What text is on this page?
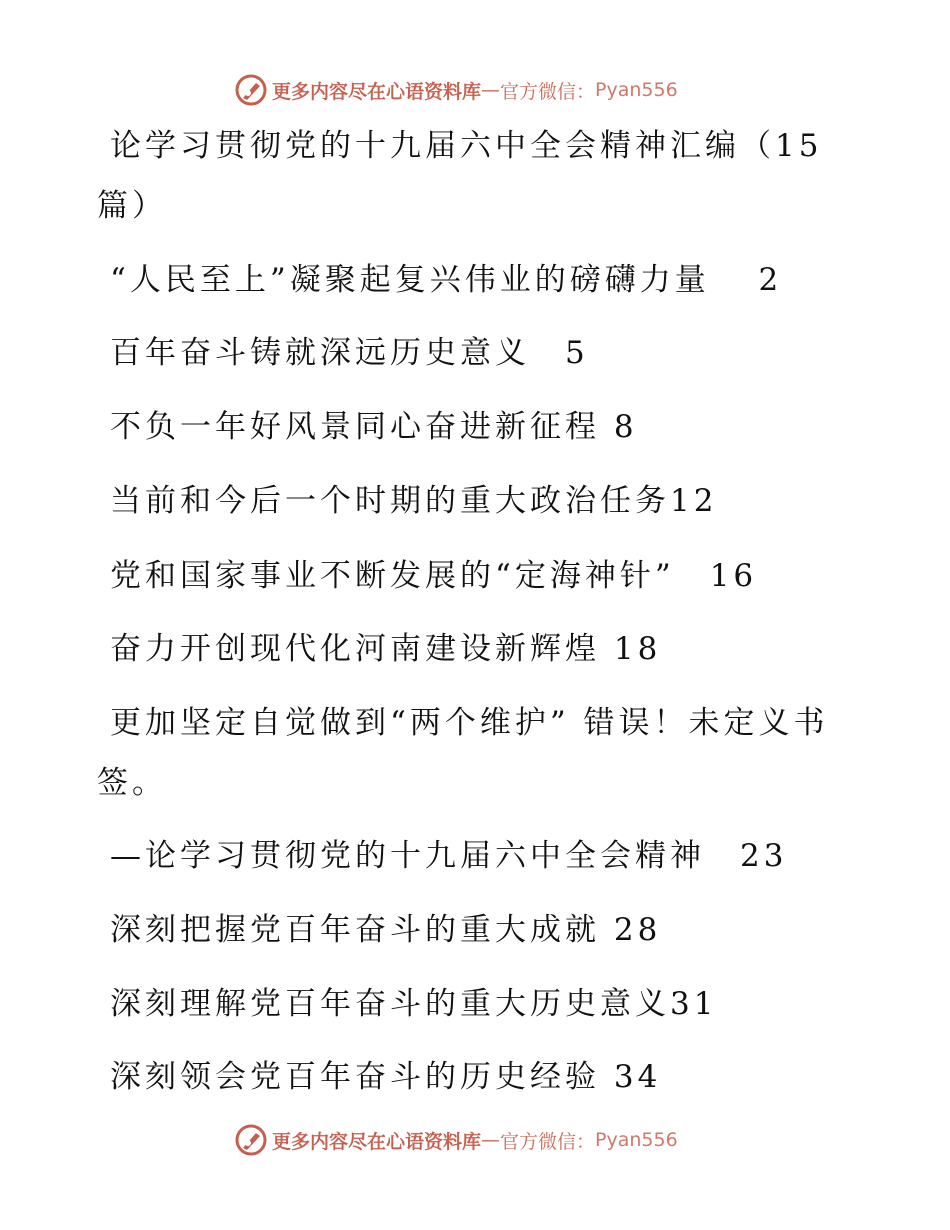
更多内容尽在心语资料库 — 官方微信： Pyan556
论学习贯彻党的十九届六中全会精神汇编（15
篇）
“人民至上”凝聚起复兴伟业的磅礴力量　 2
百年奋斗铸就深远历史意义　5
不负一年好风景同心奋进新征程 8
当前和今后一个时期的重大政治任务12
党和国家事业不断发展的“定海神针”　16
奋力开创现代化河南建设新辉煌 18
更加坚定自觉做到“两个维护” 错误！未定义书
签。
—论学习贯彻党的十九届六中全会精神　23
深刻把握党百年奋斗的重大成就 28
深刻理解党百年奋斗的重大历史意义31
深刻领会党百年奋斗的历史经验 34
更多内容尽在心语资料库 — 官方微信： Pyan556
